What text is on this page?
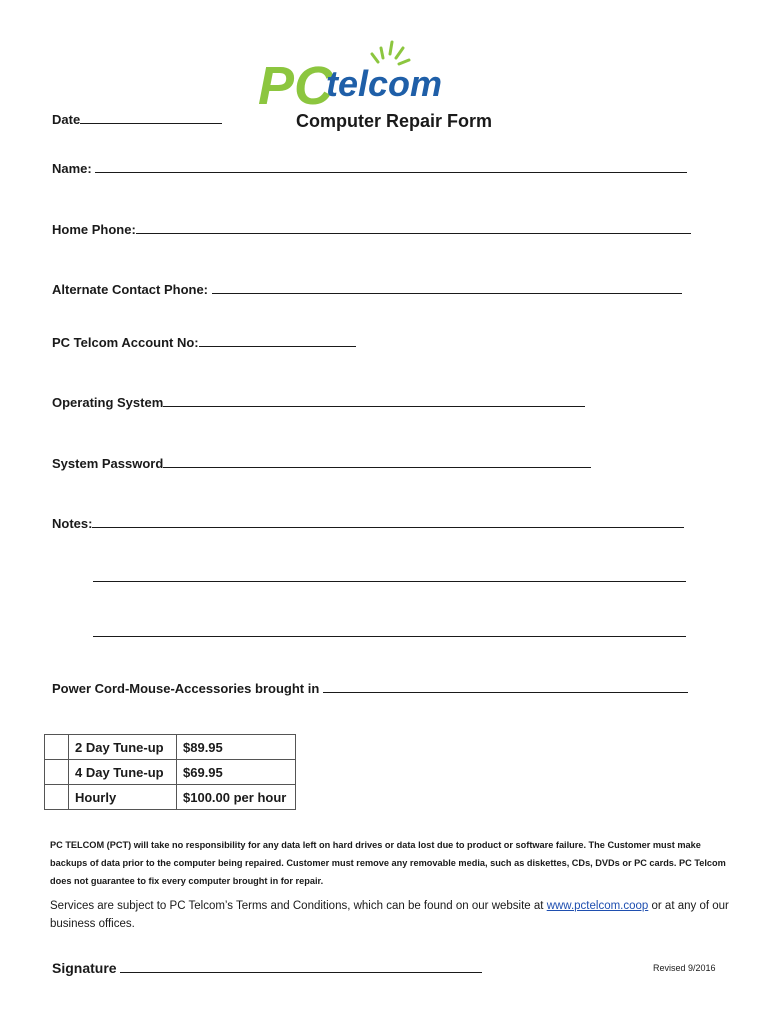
PC
telcom
Date	Computer Repair Form
Name:
Home Phone:
Alternate Contact Phone:
PC Telcom Account No:
Operating System
System Password
Notes:
Power Cord-Mouse-Accessories brought in
	2 Day Tune-up	$89.95
	4 Day Tune-up	$69.95
	Hourly	$100.00 per hour
PC TELCOM (PCT) will take no responsibility for any data left on hard drives or data lost due to product or software failure. The Customer must make backups of data prior to the computer being repaired. Customer must remove any removable media, such as diskettes, CDs, DVDs or PC cards. PC Telcom does not guarantee to fix every computer brought in for repair.
Services are subject to PC Telcom’s Terms and Conditions, which can be found on our website at www.pctelcom.coop or at any of our business offices.
Signature	Revised 9/2016
